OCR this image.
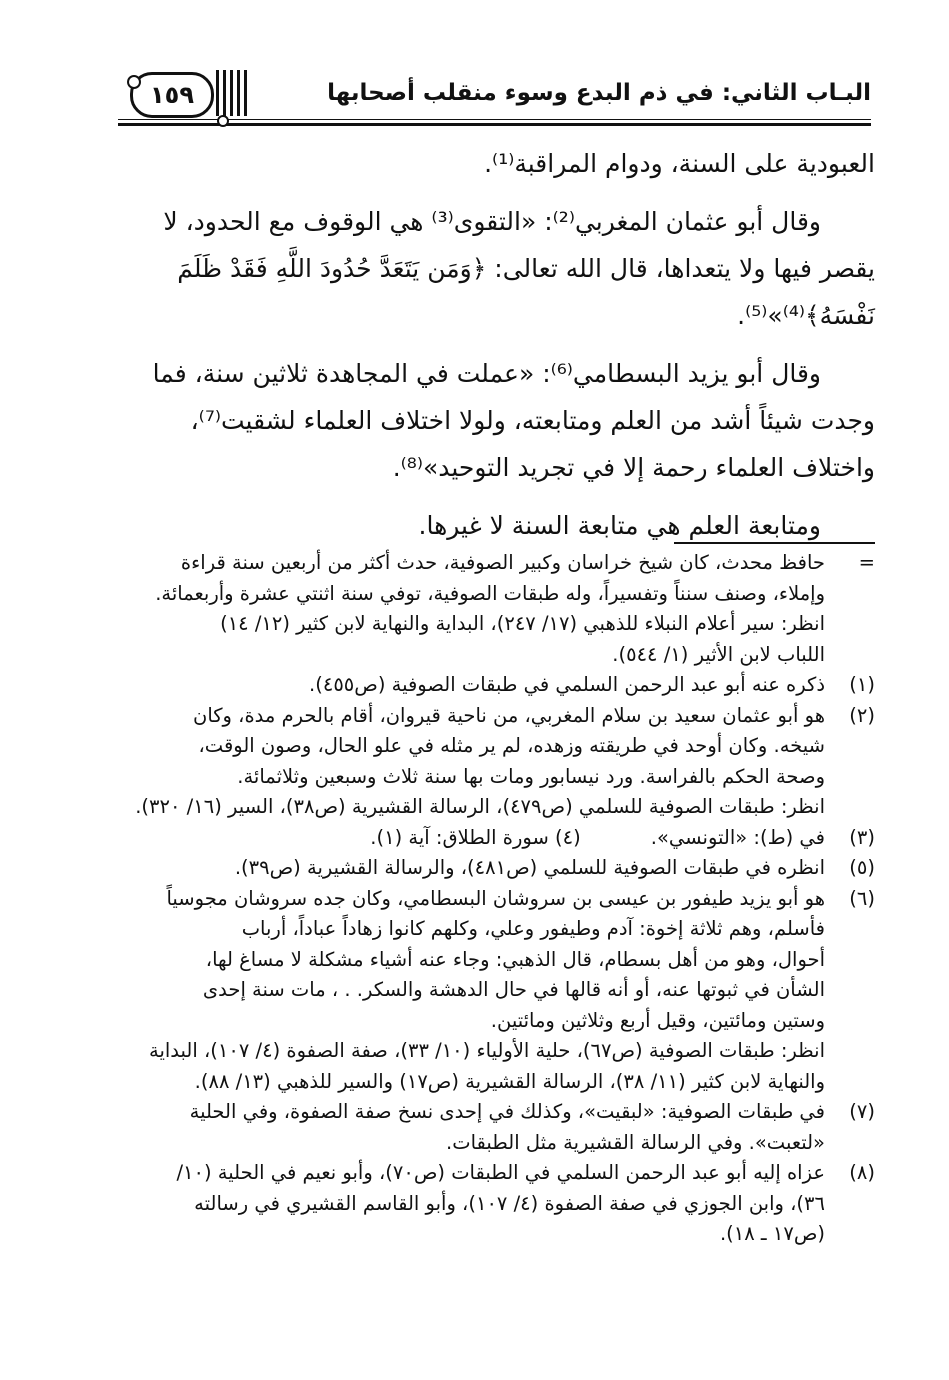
البـاب الثاني: في ذم البدع وسوء منقلب أصحابها
١٥٩

العبودية على السنة، ودوام المراقبة⁽¹⁾.

وقال أبو عثمان المغربي⁽²⁾: «التقوى⁽³⁾ هي الوقوف مع الحدود، لا

يقصر فيها ولا يتعداها، قال الله تعالى: ﴿وَمَن يَتَعَدَّ حُدُودَ اللَّهِ فَقَدْ ظَلَمَ

نَفْسَهُ﴾⁽⁴⁾»⁽⁵⁾.

وقال أبو يزيد البسطامي⁽⁶⁾: «عملت في المجاهدة ثلاثين سنة، فما

وجدت شيئاً أشد من العلم ومتابعته، ولولا اختلاف العلماء لشقيت⁽⁷⁾،

واختلاف العلماء رحمة إلا في تجريد التوحيد»⁽⁸⁾.

ومتابعة العلم هي متابعة السنة لا غيرها.

=
حافظ محدث، كان شيخ خراسان وكبير الصوفية، حدث أكثر من أربعين سنة قراءة
وإملاء، وصنف سنناً وتفسيراً، وله طبقات الصوفية، توفي سنة اثنتي عشرة وأربعمائة.
انظر: سير أعلام النبلاء للذهبي (١٧/ ٢٤٧)، البداية والنهاية لابن كثير (١٢/ ١٤)
اللباب لابن الأثير (١/ ٥٤٤).
(١)
ذكره عنه أبو عبد الرحمن السلمي في طبقات الصوفية (ص٤٥٥).
(٢)
هو أبو عثمان سعيد بن سلام المغربي، من ناحية قيروان، أقام بالحرم مدة، وكان
شيخه. وكان أوحد في طريقته وزهده، لم ير مثله في علو الحال، وصون الوقت،
وصحة الحكم بالفراسة. ورد نيسابور ومات بها سنة ثلاث وسبعين وثلاثمائة.
انظر: طبقات الصوفية للسلمي (ص٤٧٩)، الرسالة القشيرية (ص٣٨)، السير (١٦/ ٣٢٠).
(٣)
في (ط): «التونسي».
(٤) سورة الطلاق: آية (١).
(٥)
انظره في طبقات الصوفية للسلمي (ص٤٨١)، والرسالة القشيرية (ص٣٩).
(٦)
هو أبو يزيد طيفور بن عيسى بن سروشان البسطامي، وكان جده سروشان مجوسياً
فأسلم، وهم ثلاثة إخوة: آدم وطيفور وعلي، وكلهم كانوا زهاداً عباداً، أرباب
أحوال، وهو من أهل بسطام، قال الذهبي: وجاء عنه أشياء مشكلة لا مساغ لها،
الشأن في ثبوتها عنه، أو أنه قالها في حال الدهشة والسكر. . ، مات سنة إحدى
وستين ومائتين، وقيل أربع وثلاثين ومائتين.
انظر: طبقات الصوفية (ص٦٧)، حلية الأولياء (١٠/ ٣٣)، صفة الصفوة (٤/ ١٠٧)، البداية
والنهاية لابن كثير (١١/ ٣٨)، الرسالة القشيرية (ص١٧) والسير للذهبي (١٣/ ٨٨).
(٧)
في طبقات الصوفية: «لبقيت»، وكذلك في إحدى نسخ صفة الصفوة، وفي الحلية
«لتعبت». وفي الرسالة القشيرية مثل الطبقات.
(٨)
عزاه إليه أبو عبد الرحمن السلمي في الطبقات (ص٧٠)، وأبو نعيم في الحلية (١٠/
٣٦)، وابن الجوزي في صفة الصفوة (٤/ ١٠٧)، وأبو القاسم القشيري في رسالته
(ص١٧ ـ ١٨).
